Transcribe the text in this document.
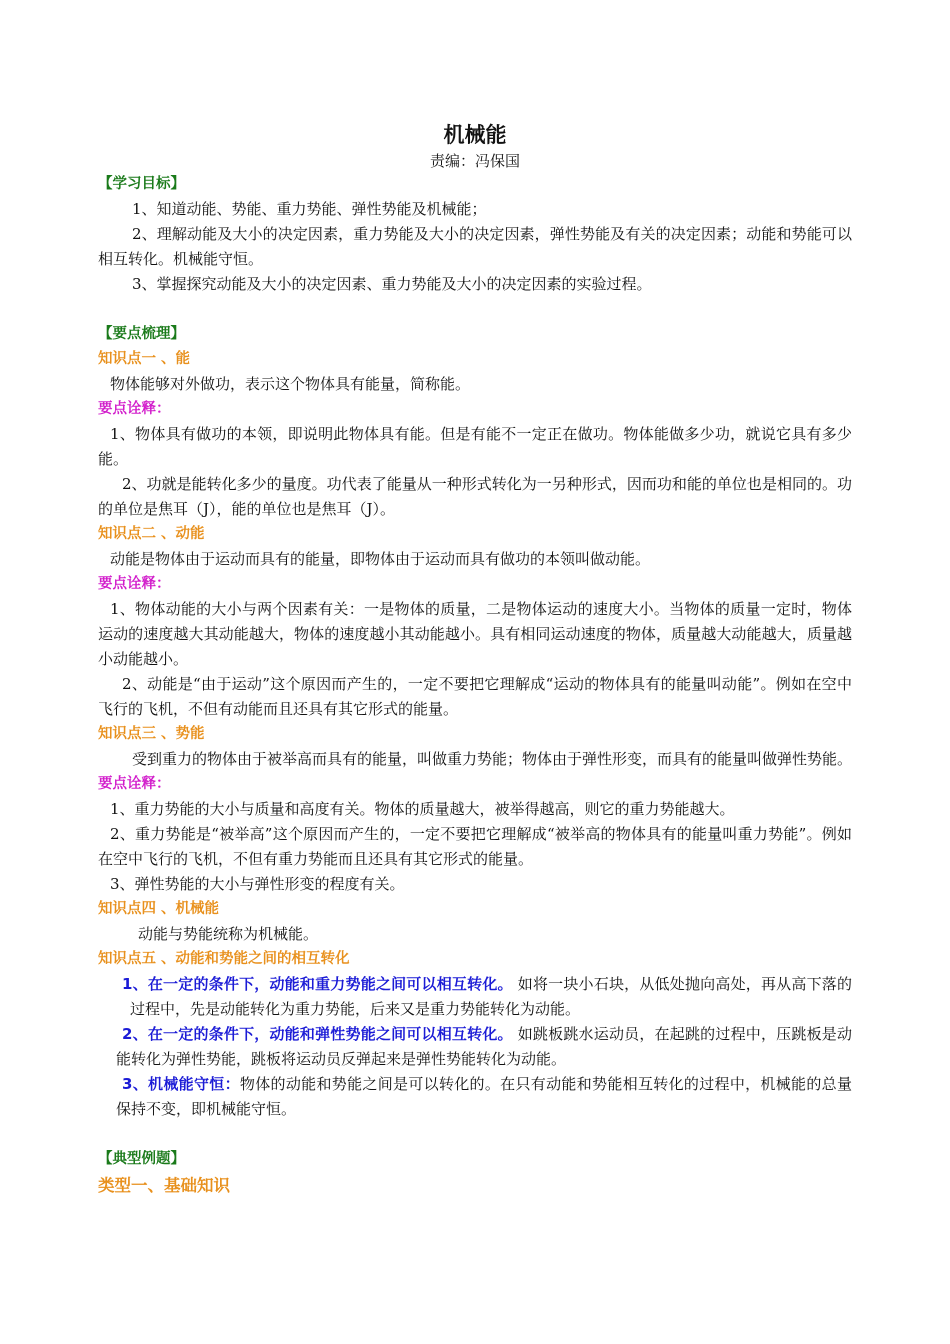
机械能

责编：冯保国

【学习目标】

1、知道动能、势能、重力势能、弹性势能及机械能；

2、理解动能及大小的决定因素，重力势能及大小的决定因素，弹性势能及有关的决定因素；动能和势能可以相互转化。机械能守恒。

3、掌握探究动能及大小的决定因素、重力势能及大小的决定因素的实验过程。

【要点梳理】

知识点一 、能

物体能够对外做功，表示这个物体具有能量，简称能。

要点诠释：

1、物体具有做功的本领，即说明此物体具有能。但是有能不一定正在做功。物体能做多少功，就说它具有多少能。

2、功就是能转化多少的量度。功代表了能量从一种形式转化为一另种形式，因而功和能的单位也是相同的。功的单位是焦耳（J），能的单位也是焦耳（J）。

知识点二 、动能

动能是物体由于运动而具有的能量，即物体由于运动而具有做功的本领叫做动能。

要点诠释：

1、物体动能的大小与两个因素有关：一是物体的质量，二是物体运动的速度大小。当物体的质量一定时，物体运动的速度越大其动能越大，物体的速度越小其动能越小。具有相同运动速度的物体，质量越大动能越大，质量越小动能越小。

2、动能是“由于运动”这个原因而产生的，一定不要把它理解成“运动的物体具有的能量叫动能”。例如在空中飞行的飞机，不但有动能而且还具有其它形式的能量。

知识点三 、势能

受到重力的物体由于被举高而具有的能量，叫做重力势能；物体由于弹性形变，而具有的能量叫做弹性势能。

要点诠释：

1、重力势能的大小与质量和高度有关。物体的质量越大，被举得越高，则它的重力势能越大。

2、重力势能是“被举高”这个原因而产生的，一定不要把它理解成“被举高的物体具有的能量叫重力势能”。例如在空中飞行的飞机，不但有重力势能而且还具有其它形式的能量。

3、弹性势能的大小与弹性形变的程度有关。

知识点四 、机械能

动能与势能统称为机械能。

知识点五 、动能和势能之间的相互转化

1、在一定的条件下，动能和重力势能之间可以相互转化。 如将一块小石块，从低处抛向高处，再从高下落的过程中，先是动能转化为重力势能，后来又是重力势能转化为动能。

2、在一定的条件下，动能和弹性势能之间可以相互转化。 如跳板跳水运动员，在起跳的过程中，压跳板是动能转化为弹性势能，跳板将运动员反弹起来是弹性势能转化为动能。

3、机械能守恒：物体的动能和势能之间是可以转化的。在只有动能和势能相互转化的过程中，机械能的总量保持不变，即机械能守恒。

【典型例题】

类型一、基础知识
